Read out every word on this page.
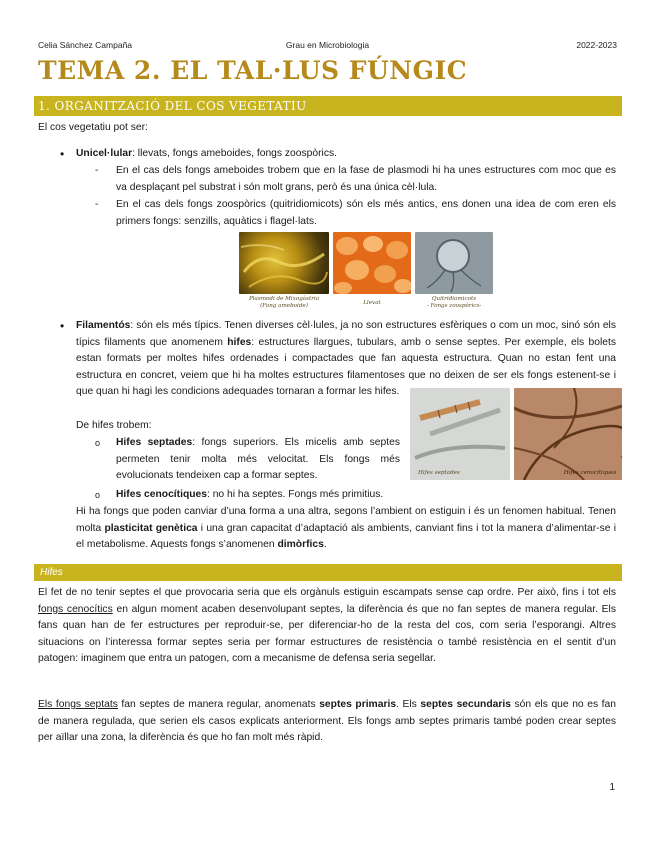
Celia Sánchez Campaña	Grau en Microbiologia	2022-2023
TEMA 2. EL TAL·LUS FÚNGIC
1. ORGANITZACIÓ DEL COS VEGETATIU
El cos vegetatiu pot ser:
• Unicel·lular: llevats, fongs ameboides, fongs zoospòrics.
- En el cas dels fongs ameboides trobem que en la fase de plasmodi hi ha unes estructures com moc que es va desplaçant pel substrat i són molt grans, però és una única cèl·lula.
- En el cas dels fongs zoospòrics (quitridiomicots) són els més antics, ens donen una idea de com eren els primers fongs: senzills, aquàtics i flagel·lats.
Plasmodi de Mixogàstria
(Fong ameboide)	Llevat
Quitridiomicots
- Fongs zoospòrics-
• Filamentós: són els més típics. Tenen diverses cèl·lules, ja no son estructures esfèriques o com un moc, sinó són els típics filaments que anomenem hifes: estructures llargues, tubulars, amb o sense septes. Per exemple, els bolets estan formats per moltes hifes ordenades i compactades que fan aquesta estructura. Quan no estan fent una estructura en concret, veiem que hi ha moltes estructures filamentoses que no deixen de ser els fongs estenent-se i que quan hi hagi les condicions adequades tornaran a formar les hifes.
De hifes trobem:
o Hifes septades: fongs superiors. Els micelis amb septes permeten tenir molta més velocitat. Els fongs més evolucionats tendeixen cap a formar septes.
o Hifes cenocítiques: no hi ha septes. Fongs més primitius.
Hifes septades	Hifes cenocítiques
Hi ha fongs que poden canviar d’una forma a una altra, segons l’ambient on estiguin i és un fenomen habitual. Tenen molta plasticitat genètica i una gran capacitat d’adaptació als ambients, canviant fins i tot la manera d’alimentar-se i el metabolisme. Aquests fongs s’anomenen dimòrfics.
Hifes
El fet de no tenir septes el que provocaria seria que els orgànuls estiguin escampats sense cap ordre. Per això, fins i tot els fongs cenocítics en algun moment acaben desenvolupant septes, la diferència és que no fan septes de manera regular. Els fans quan han de fer estructures per reproduir-se, per diferenciar-ho de la resta del cos, com seria l’esporangi. Altres situacions on l’interessa formar septes seria per formar estructures de resistència o també resistència en el sentit d’un patogen: imaginem que entra un patogen, com a mecanisme de defensa seria segellar.
Els fongs septats fan septes de manera regular, anomenats septes primaris. Els septes secundaris són els que no es fan de manera regulada, que serien els casos explicats anteriorment. Els fongs amb septes primaris també poden crear septes per aïllar una zona, la diferència és que ho fan molt més ràpid.
1
